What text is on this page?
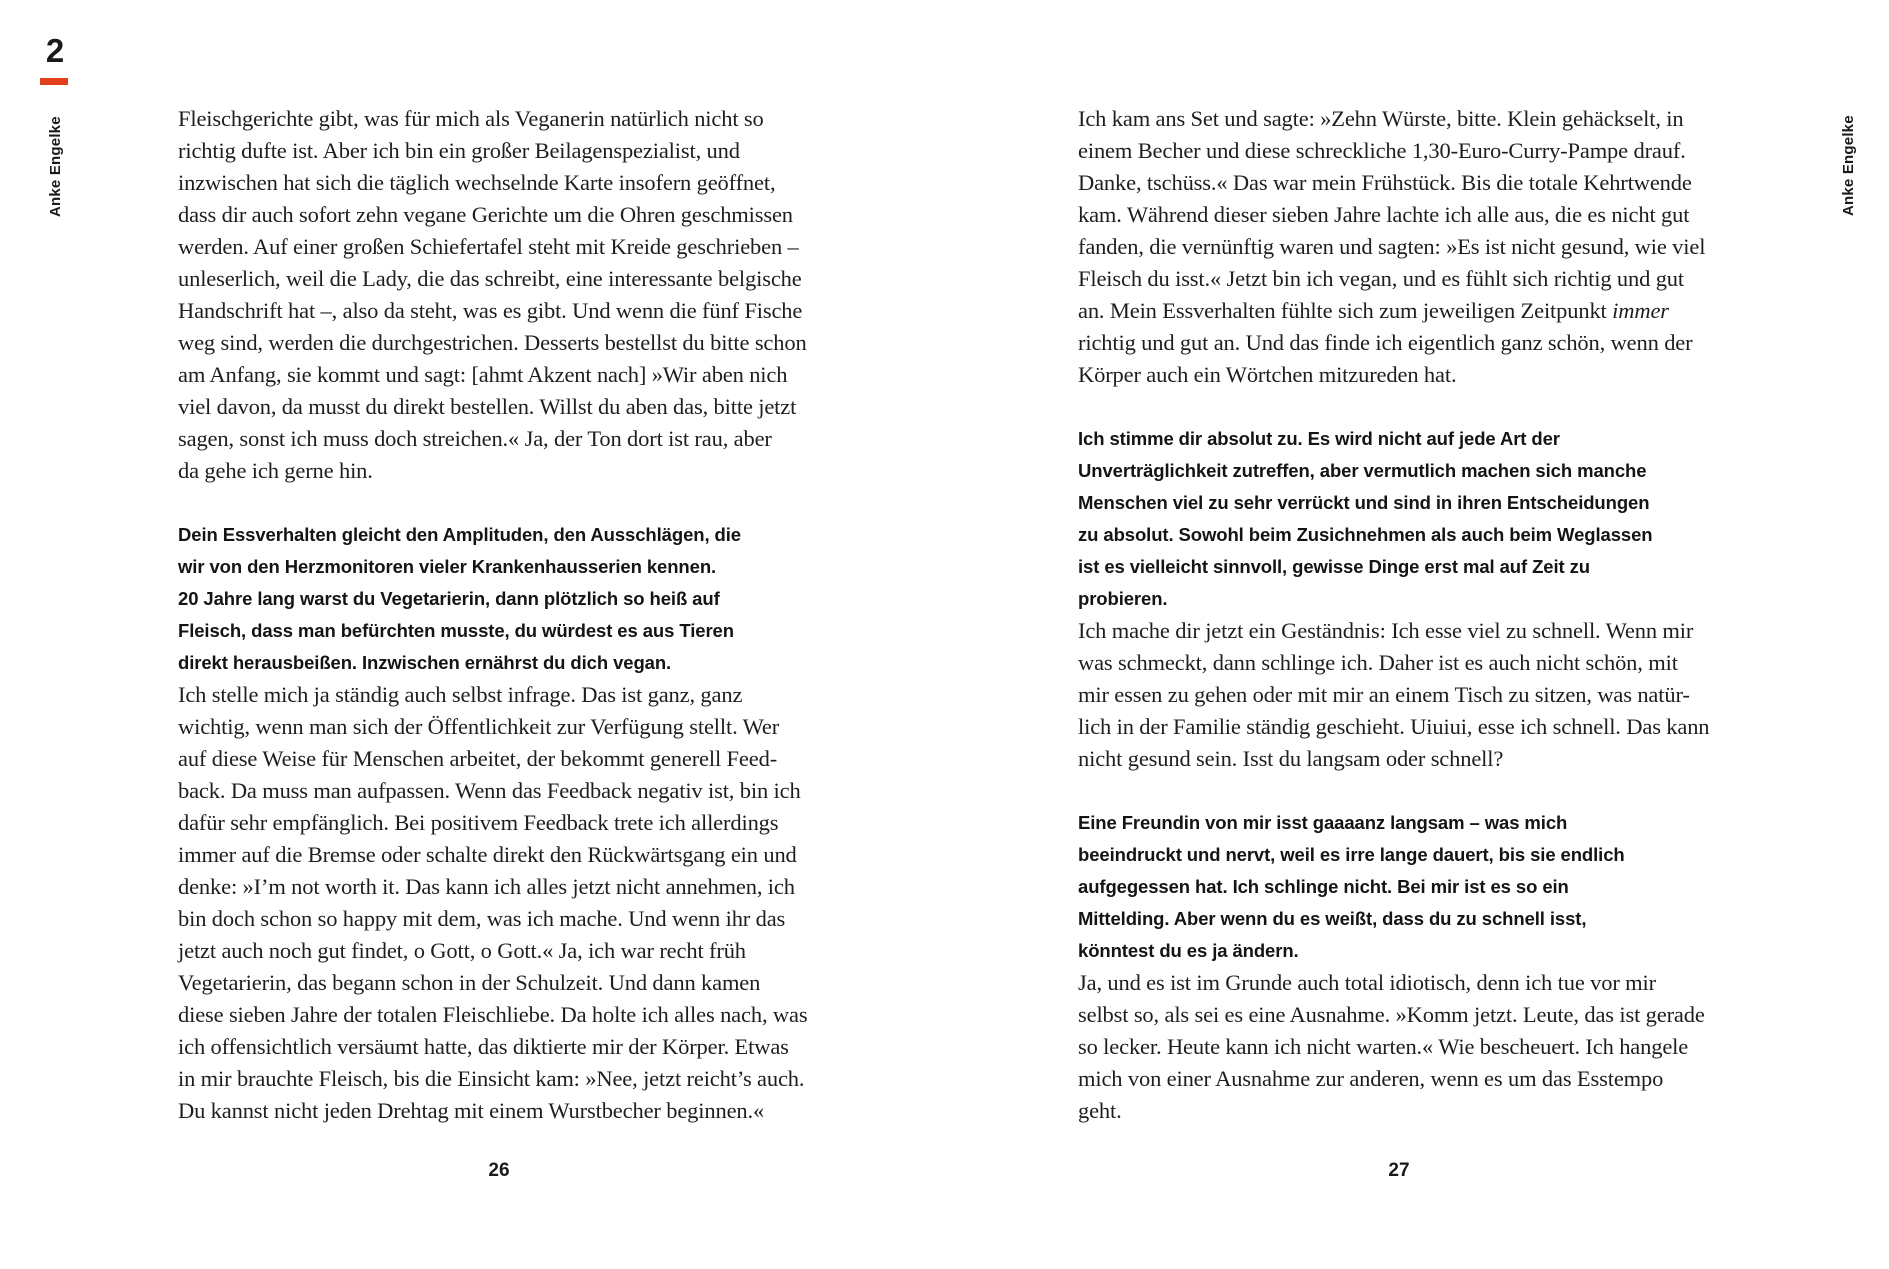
2
Anke Engelke	Fleischgerichte gibt, was für mich als Veganerin natürlich nicht so
richtig dufte ist. Aber ich bin ein großer Beilagenspezialist, und
inzwischen hat sich die täglich wechselnde Karte insofern geöffnet,
dass dir auch sofort zehn vegane Gerichte um die Ohren geschmissen
werden. Auf einer großen Schiefertafel steht mit Kreide geschrieben –
unleserlich, weil die Lady, die das schreibt, eine interessante belgische
Handschrift hat –, also da steht, was es gibt. Und wenn die fünf Fische
weg sind, werden die durchgestrichen. Desserts bestellst du bitte schon
am Anfang, sie kommt und sagt: [ahmt Akzent nach] »Wir aben nich
viel davon, da musst du direkt bestellen. Willst du aben das, bitte jetzt
sagen, sonst ich muss doch streichen.« Ja, der Ton dort ist rau, aber
da gehe ich gerne hin.
Dein Essverhalten gleicht den Amplituden, den Ausschlägen, die
wir von den Herzmonitoren vieler Krankenhausserien kennen.
20 Jahre lang warst du Vegetarierin, dann plötzlich so heiß auf
Fleisch, dass man befürchten musste, du würdest es aus Tieren
direkt herausbeißen. Inzwischen ernährst du dich vegan.
Ich stelle mich ja ständig auch selbst infrage. Das ist ganz, ganz
wichtig, wenn man sich der Öffentlichkeit zur Verfügung stellt. Wer
auf diese Weise für Menschen arbeitet, der bekommt generell Feed-
back. Da muss man aufpassen. Wenn das Feedback negativ ist, bin ich
dafür sehr empfänglich. Bei positivem Feedback trete ich allerdings
immer auf die Bremse oder schalte direkt den Rückwärtsgang ein und
denke: »I’m not worth it. Das kann ich alles jetzt nicht annehmen, ich
bin doch schon so happy mit dem, was ich mache. Und wenn ihr das
jetzt auch noch gut findet, o Gott, o Gott.« Ja, ich war recht früh
Vegetarierin, das begann schon in der Schulzeit. Und dann kamen
diese sieben Jahre der totalen Fleischliebe. Da holte ich alles nach, was
ich offensichtlich versäumt hatte, das diktierte mir der Körper. Etwas
in mir brauchte Fleisch, bis die Einsicht kam: »Nee, jetzt reicht’s auch.
Du kannst nicht jeden Drehtag mit einem Wurstbecher beginnen.«
26
Anke Engelke
Ich kam ans Set und sagte: »Zehn Würste, bitte. Klein gehäckselt, in
einem Becher und diese schreckliche 1,30-Euro-Curry-Pampe drauf.
Danke, tschüss.« Das war mein Frühstück. Bis die totale Kehrtwende
kam. Während dieser sieben Jahre lachte ich alle aus, die es nicht gut
fanden, die vernünftig waren und sagten: »Es ist nicht gesund, wie viel
Fleisch du isst.« Jetzt bin ich vegan, und es fühlt sich richtig und gut
an. Mein Essverhalten fühlte sich zum jeweiligen Zeitpunkt immer
richtig und gut an. Und das finde ich eigentlich ganz schön, wenn der
Körper auch ein Wörtchen mitzureden hat.
Ich stimme dir absolut zu. Es wird nicht auf jede Art der
Unverträglichkeit zutreffen, aber vermutlich machen sich manche
Menschen viel zu sehr verrückt und sind in ihren Entscheidungen
zu absolut. Sowohl beim Zusichnehmen als auch beim Weglassen
ist es vielleicht sinnvoll, gewisse Dinge erst mal auf Zeit zu
probieren.
Ich mache dir jetzt ein Geständnis: Ich esse viel zu schnell. Wenn mir
was schmeckt, dann schlinge ich. Daher ist es auch nicht schön, mit
mir essen zu gehen oder mit mir an einem Tisch zu sitzen, was natür-
lich in der Familie ständig geschieht. Uiuiui, esse ich schnell. Das kann
nicht gesund sein. Isst du langsam oder schnell?
Eine Freundin von mir isst gaaaanz langsam – was mich
beeindruckt und nervt, weil es irre lange dauert, bis sie endlich
aufgegessen hat. Ich schlinge nicht. Bei mir ist es so ein
Mittelding. Aber wenn du es weißt, dass du zu schnell isst,
könntest du es ja ändern.
Ja, und es ist im Grunde auch total idiotisch, denn ich tue vor mir
selbst so, als sei es eine Ausnahme. »Komm jetzt. Leute, das ist gerade
so lecker. Heute kann ich nicht warten.« Wie bescheuert. Ich hangele
mich von einer Ausnahme zur anderen, wenn es um das Esstempo
geht.
27
